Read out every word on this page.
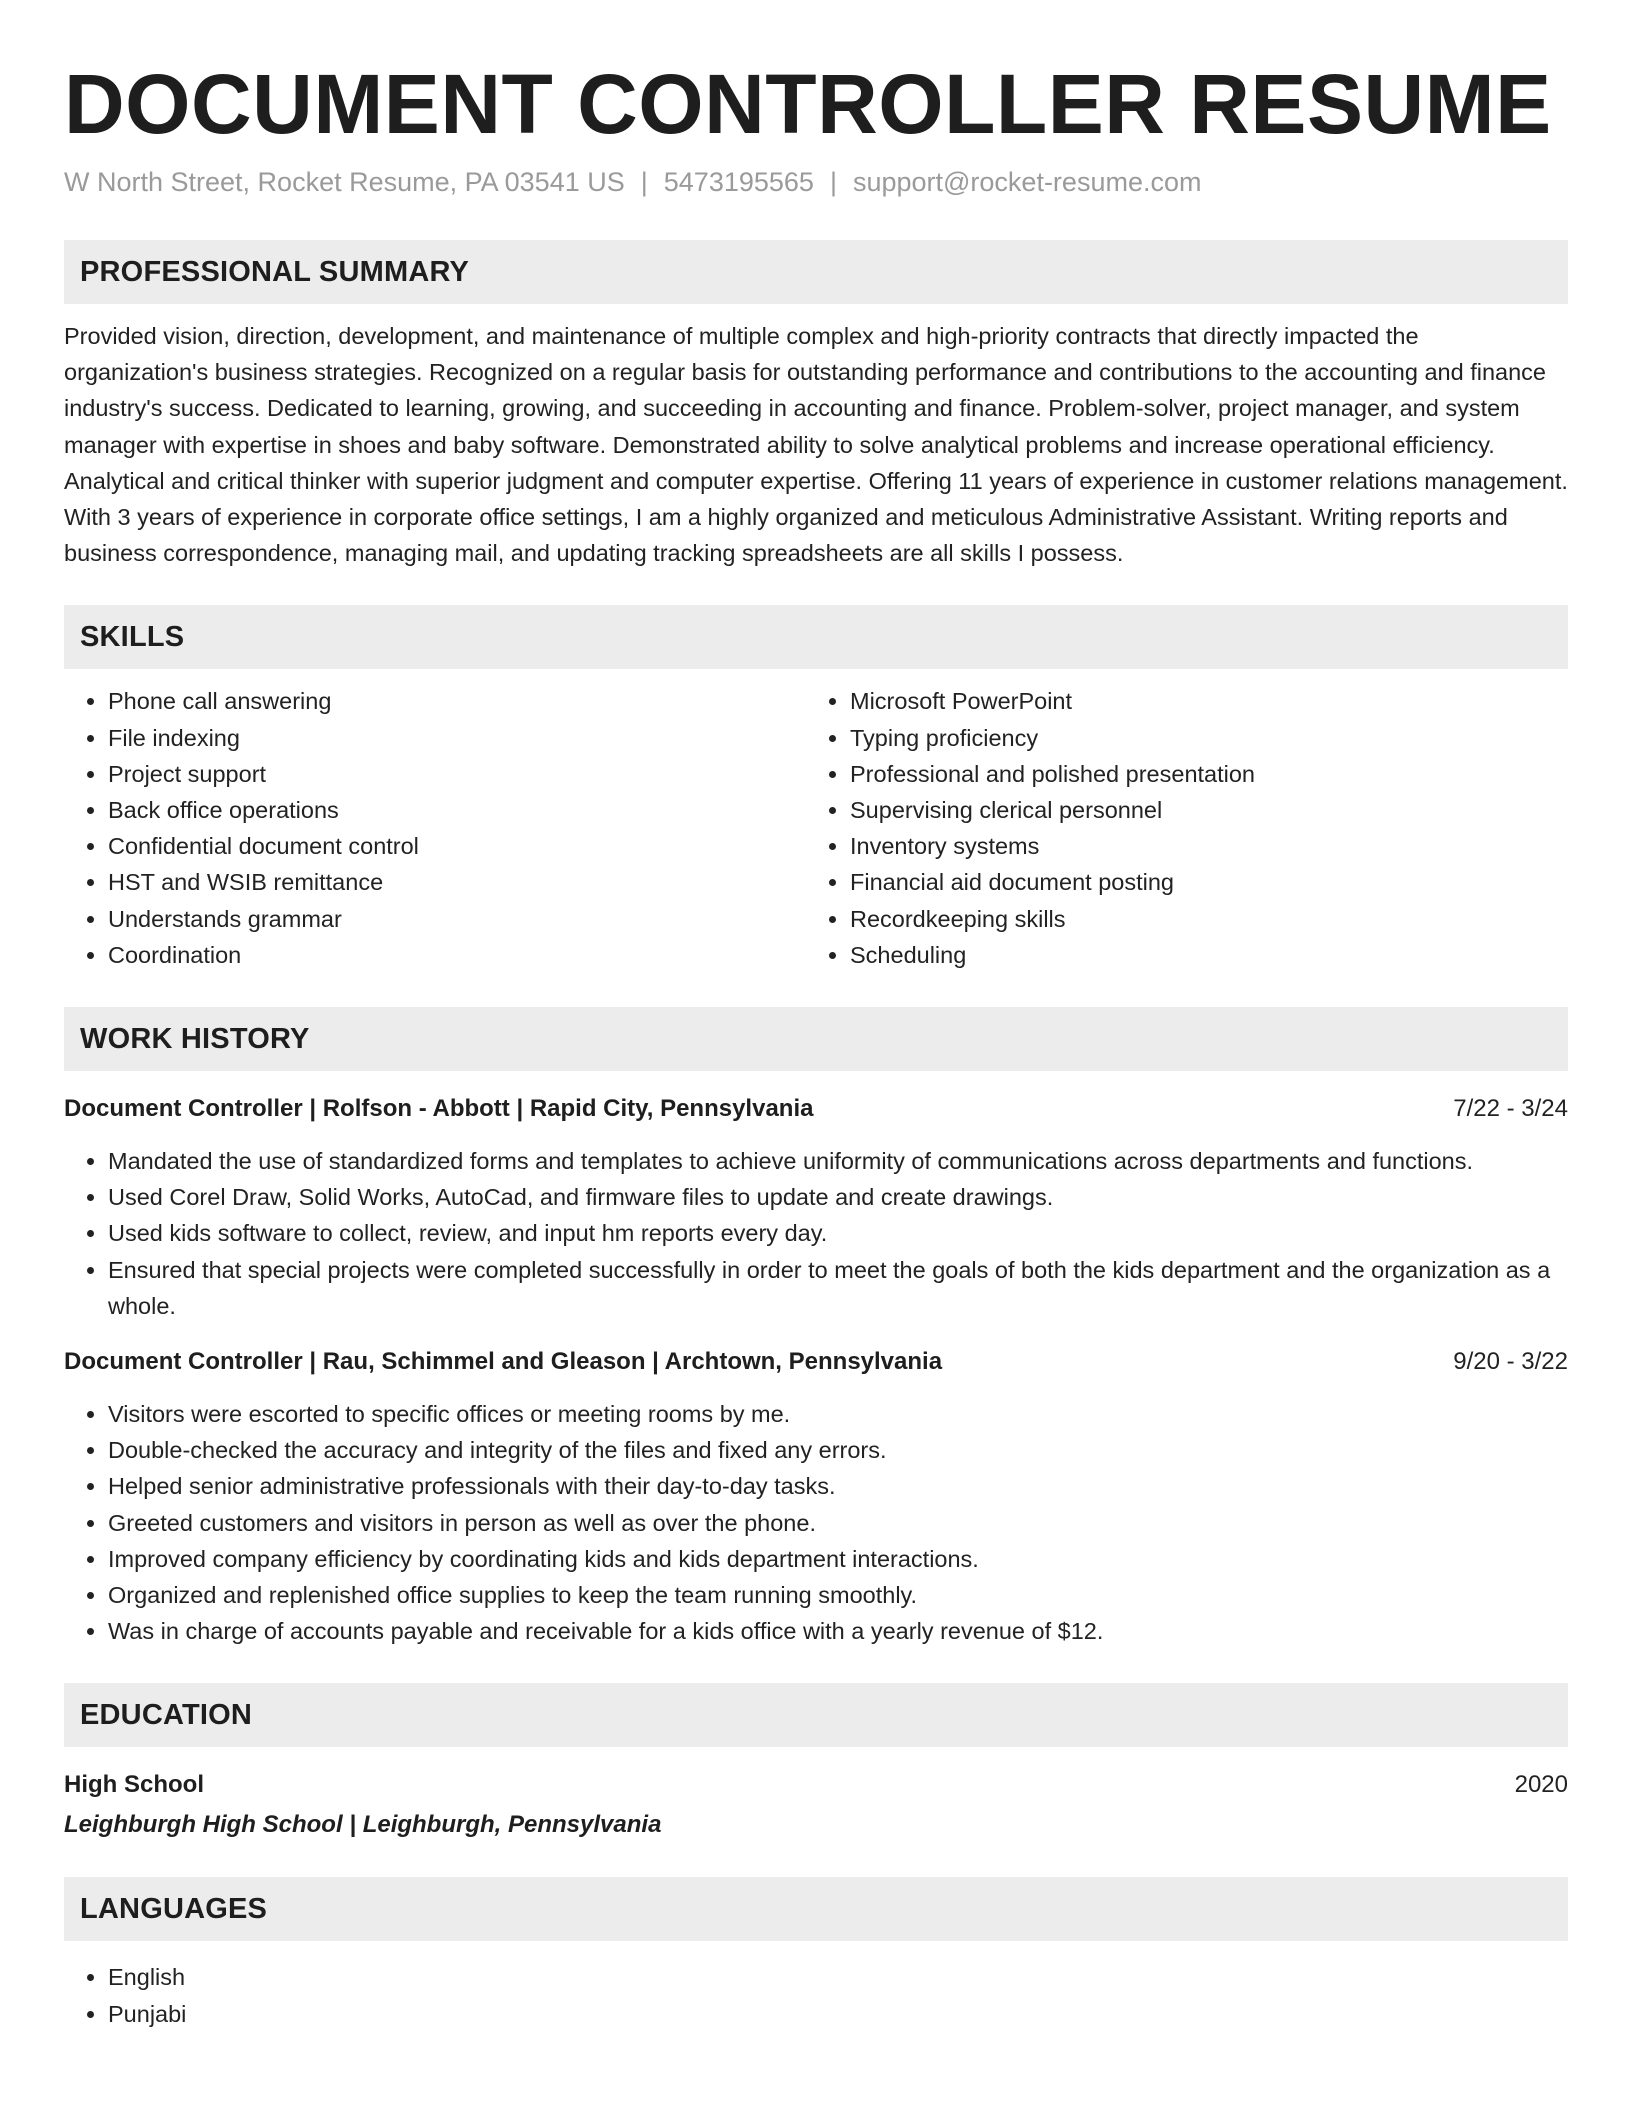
DOCUMENT CONTROLLER RESUME
W North Street, Rocket Resume, PA 03541 US | 5473195565 | support@rocket-resume.com
PROFESSIONAL SUMMARY
Provided vision, direction, development, and maintenance of multiple complex and high-priority contracts that directly impacted the organization's business strategies. Recognized on a regular basis for outstanding performance and contributions to the accounting and finance industry's success. Dedicated to learning, growing, and succeeding in accounting and finance. Problem-solver, project manager, and system manager with expertise in shoes and baby software. Demonstrated ability to solve analytical problems and increase operational efficiency. Analytical and critical thinker with superior judgment and computer expertise. Offering 11 years of experience in customer relations management. With 3 years of experience in corporate office settings, I am a highly organized and meticulous Administrative Assistant. Writing reports and business correspondence, managing mail, and updating tracking spreadsheets are all skills I possess.
SKILLS
• Phone call answering
• File indexing
• Project support
• Back office operations
• Confidential document control
• HST and WSIB remittance
• Understands grammar
• Coordination
• Microsoft PowerPoint
• Typing proficiency
• Professional and polished presentation
• Supervising clerical personnel
• Inventory systems
• Financial aid document posting
• Recordkeeping skills
• Scheduling
WORK HISTORY
Document Controller | Rolfson - Abbott | Rapid City, Pennsylvania	7/22 - 3/24
• Mandated the use of standardized forms and templates to achieve uniformity of communications across departments and functions.
• Used Corel Draw, Solid Works, AutoCad, and firmware files to update and create drawings.
• Used kids software to collect, review, and input hm reports every day.
• Ensured that special projects were completed successfully in order to meet the goals of both the kids department and the organization as a whole.
Document Controller | Rau, Schimmel and Gleason | Archtown, Pennsylvania	9/20 - 3/22
• Visitors were escorted to specific offices or meeting rooms by me.
• Double-checked the accuracy and integrity of the files and fixed any errors.
• Helped senior administrative professionals with their day-to-day tasks.
• Greeted customers and visitors in person as well as over the phone.
• Improved company efficiency by coordinating kids and kids department interactions.
• Organized and replenished office supplies to keep the team running smoothly.
• Was in charge of accounts payable and receivable for a kids office with a yearly revenue of $12.
EDUCATION
High School	2020
Leighburgh High School | Leighburgh, Pennsylvania
LANGUAGES
• English
• Punjabi
